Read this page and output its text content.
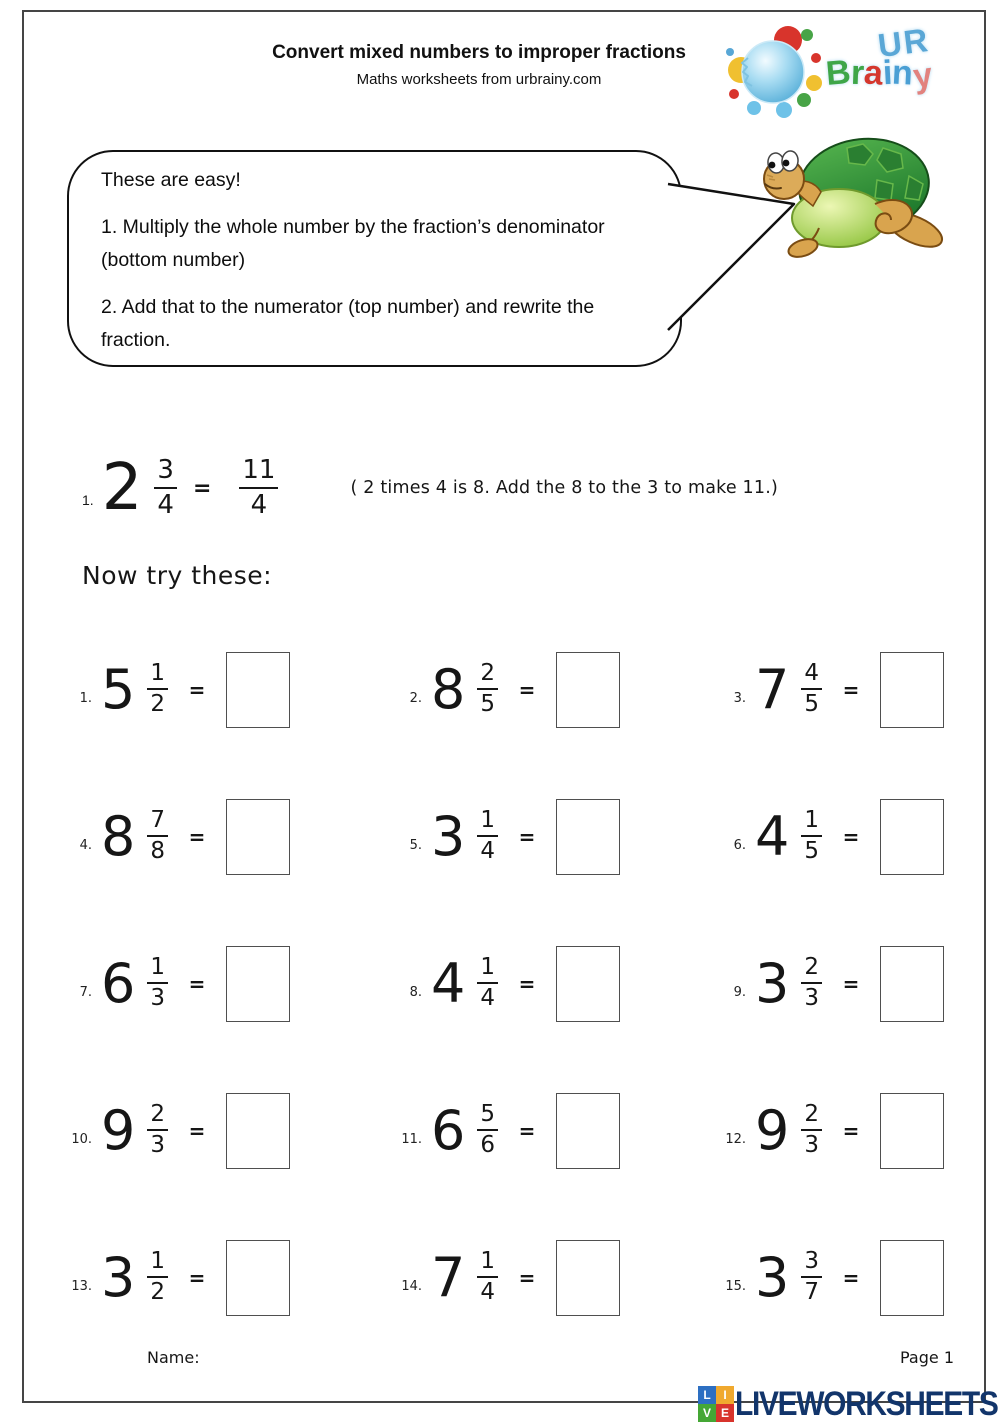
Convert mixed numbers to improper fractions
Maths worksheets from urbrainy.com
UR
Brainy

These are easy!

1. Multiply the whole number by the fraction’s denominator (bottom number)

2. Add that to the numerator (top number) and rewrite the fraction.

1. $2 \frac{3}{4} = \frac{11}{4}$	( 2 times 4 is 8. Add the 8 to the 3 to make 11.)
Now try these:
1. $5 \frac{1}{2}$	=	2. $8 \frac{2}{5}$	=	3. $7 \frac{4}{5}$	=
4. $8 \frac{7}{8}$	=	5. $3 \frac{1}{4}$	=	6. $4 \frac{1}{5}$	=
7. $6 \frac{1}{3}$	=	8. $4 \frac{1}{4}$	=	9. $3 \frac{2}{3}$	=
10. $9 \frac{2}{3}$	=	11. $6 \frac{5}{6}$	=	12. $9 \frac{2}{3}$	=
13. $3 \frac{1}{2}$	=	14. $7 \frac{1}{4}$	=	15. $3 \frac{3}{7}$	=
Name:	Page 1
L	I
V E LIVEWORKSHEETS
